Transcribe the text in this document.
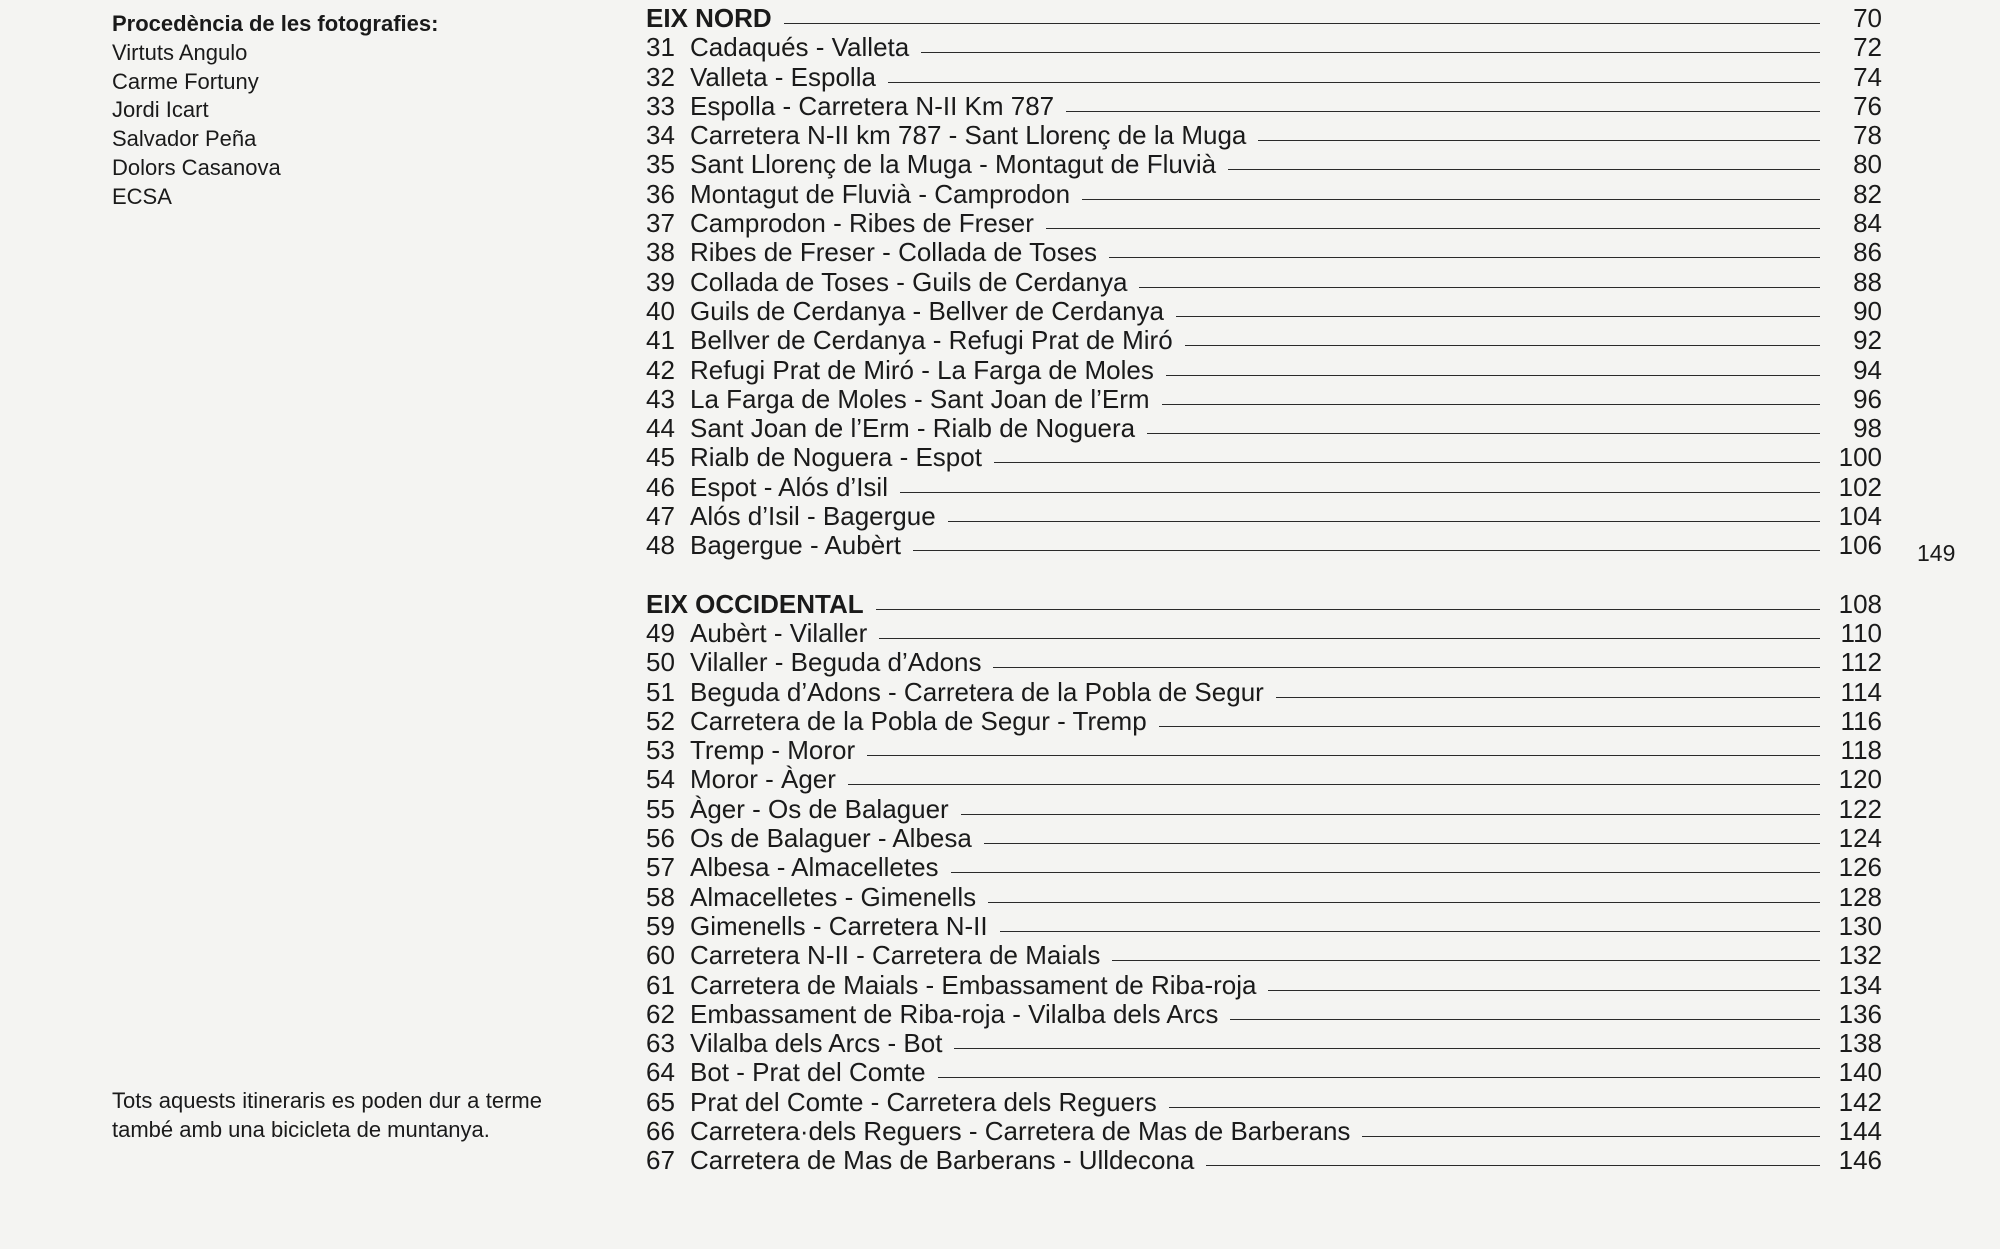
Procedència de les fotografies:
Virtuts Angulo
Carme Fortuny
Jordi Icart
Salvador Peña
Dolors Casanova
ECSA
Tots aquests itineraris es poden dur a terme també amb una bicicleta de muntanya.
EIX NORD	70
31 Cadaqués - Valleta	72
32 Valleta - Espolla	74
33 Espolla - Carretera N-II Km 787	76
34 Carretera N-II km 787 - Sant Llorenç de la Muga	78
35 Sant Llorenç de la Muga - Montagut de Fluvià	80
36 Montagut de Fluvià - Camprodon	82
37 Camprodon - Ribes de Freser	84
38 Ribes de Freser - Collada de Toses	86
39 Collada de Toses - Guils de Cerdanya	88
40 Guils de Cerdanya - Bellver de Cerdanya	90
41 Bellver de Cerdanya - Refugi Prat de Miró	92
42 Refugi Prat de Miró - La Farga de Moles	94
43 La Farga de Moles - Sant Joan de l’Erm	96
44 Sant Joan de l’Erm - Rialb de Noguera	98
45 Rialb de Noguera - Espot	100
46 Espot - Alós d’Isil	102
47 Alós d’Isil - Bagergue	104
48 Bagergue - Aubèrt	106
EIX OCCIDENTAL	108
49 Aubèrt - Vilaller	110
50 Vilaller - Beguda d’Adons	112
51 Beguda d’Adons - Carretera de la Pobla de Segur	114
52 Carretera de la Pobla de Segur - Tremp	116
53 Tremp - Moror	118
54 Moror - Àger	120
55 Àger - Os de Balaguer	122
56 Os de Balaguer - Albesa	124
57 Albesa - Almacelletes	126
58 Almacelletes - Gimenells	128
59 Gimenells - Carretera N-II	130
60 Carretera N-II - Carretera de Maials	132
61 Carretera de Maials - Embassament de Riba-roja	134
62 Embassament de Riba-roja - Vilalba dels Arcs	136
63 Vilalba dels Arcs - Bot	138
64 Bot - Prat del Comte	140
65 Prat del Comte - Carretera dels Reguers	142
66 Carretera·dels Reguers - Carretera de Mas de Barberans	144
67 Carretera de Mas de Barberans - Ulldecona	146
149
